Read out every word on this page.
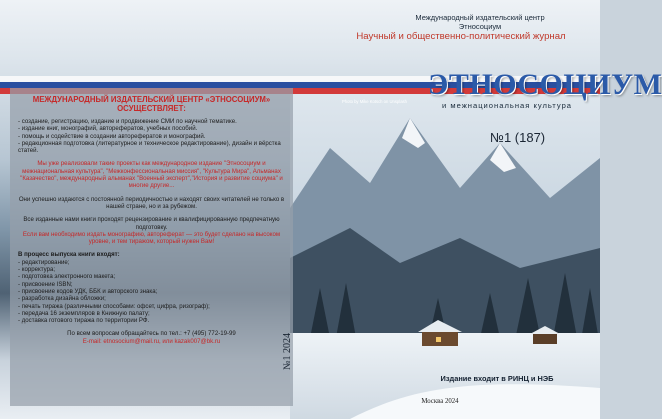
Международный издательский центр
Этносоциум
Научный и общественно-политический журнал
ЭТНОСОЦИУМ
и межнациональная культура
Photo by Mike Kotsch on Unsplash
№1 (187)
МЕЖДУНАРОДНЫЙ ИЗДАТЕЛЬСКИЙ ЦЕНТР «ЭТНОСОЦИУМ» ОСУЩЕСТВЛЯЕТ:
- создание, регистрацию, издание и продвижение СМИ по научной тематике.
- издание книг, монографий, авторефератов, учебных пособий.
- помощь и содействие в создании авторефератов и монографий.
- редакционная подготовка (литературное и техническое редактирование), дизайн и вёрстка статей.

Мы уже реализовали такие проекты как международное издание "Этносоциум и межнациональная культура", "Межконфессиональная миссия", "Культура Мира", Альманах "Казачество", международный альманах "Военный эксперт","История и развитие социума" и многие другие...

Они успешно издаются с постоянной периодичностью и находят своих читателей не только в нашей стране, но и за рубежом.

Все изданные нами книги проходят рецензирование и квалифицированную предпечатную подготовку.

Если вам необходимо издать монографию, автореферат — это будет сделано на высоком уровне, и тем тиражом, который нужен Вам!

В процесс выпуска книги входят:

- редактирование;
- корректура;
- подготовка электронного макета;
- присвоение ISBN;
- присвоение кодов УДК, ББК и авторского знака;
- разработка дизайна обложки;
- печать тиража (различными способами: офсет, цифра, ризограф);
- передача 16 экземпляров в Книжную палату;
- доставка готового тиража по территории РФ.

По всем вопросам обращайтесь по тел.: +7 (495) 772-19-99

E-mail: etnosocium@mail.ru, или kazak007@bk.ru	№1 2024
Издание входит в РИНЦ и НЭБ
Москва 2024
